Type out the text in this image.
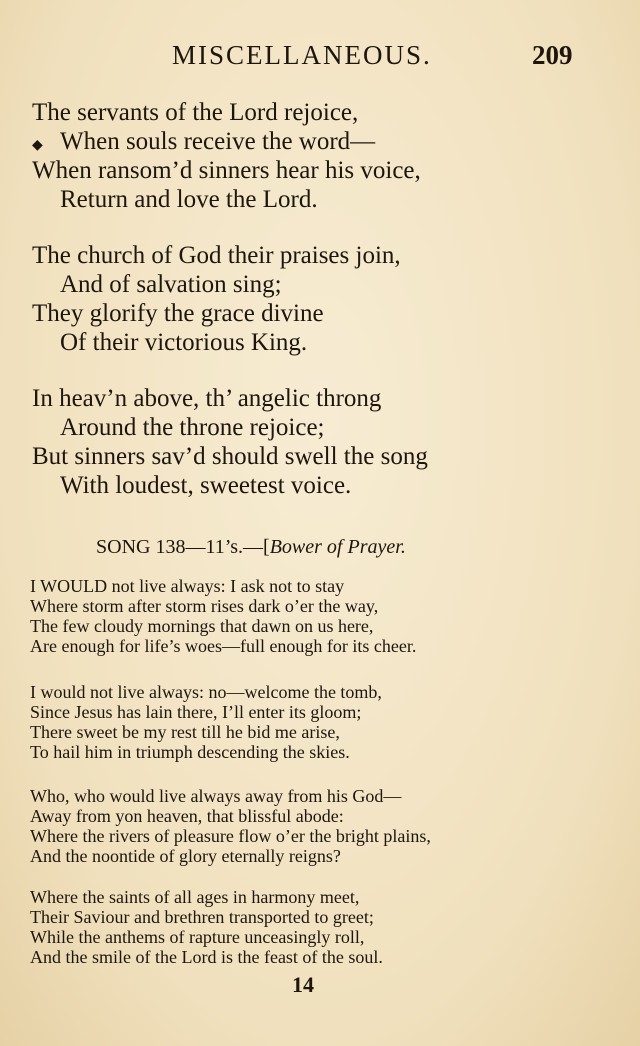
MISCELLANEOUS.	209
The servants of the Lord rejoice,
◆ When souls receive the word—
When ransom’d sinners hear his voice,
Return and love the Lord.
The church of God their praises join,
And of salvation sing;
They glorify the grace divine
Of their victorious King.
In heav’n above, th’ angelic throng
Around the throne rejoice;
But sinners sav’d should swell the song
With loudest, sweetest voice.
SONG 138—11’s.—[Bower of Prayer.
I WOULD not live always: I ask not to stay
Where storm after storm rises dark o’er the way,
The few cloudy mornings that dawn on us here,
Are enough for life’s woes—full enough for its cheer.
I would not live always: no—welcome the tomb,
Since Jesus has lain there, I’ll enter its gloom;
There sweet be my rest till he bid me arise,
To hail him in triumph descending the skies.
Who, who would live always away from his God—
Away from yon heaven, that blissful abode:
Where the rivers of pleasure flow o’er the bright plains,
And the noontide of glory eternally reigns?
Where the saints of all ages in harmony meet,
Their Saviour and brethren transported to greet;
While the anthems of rapture unceasingly roll,
And the smile of the Lord is the feast of the soul.
14
